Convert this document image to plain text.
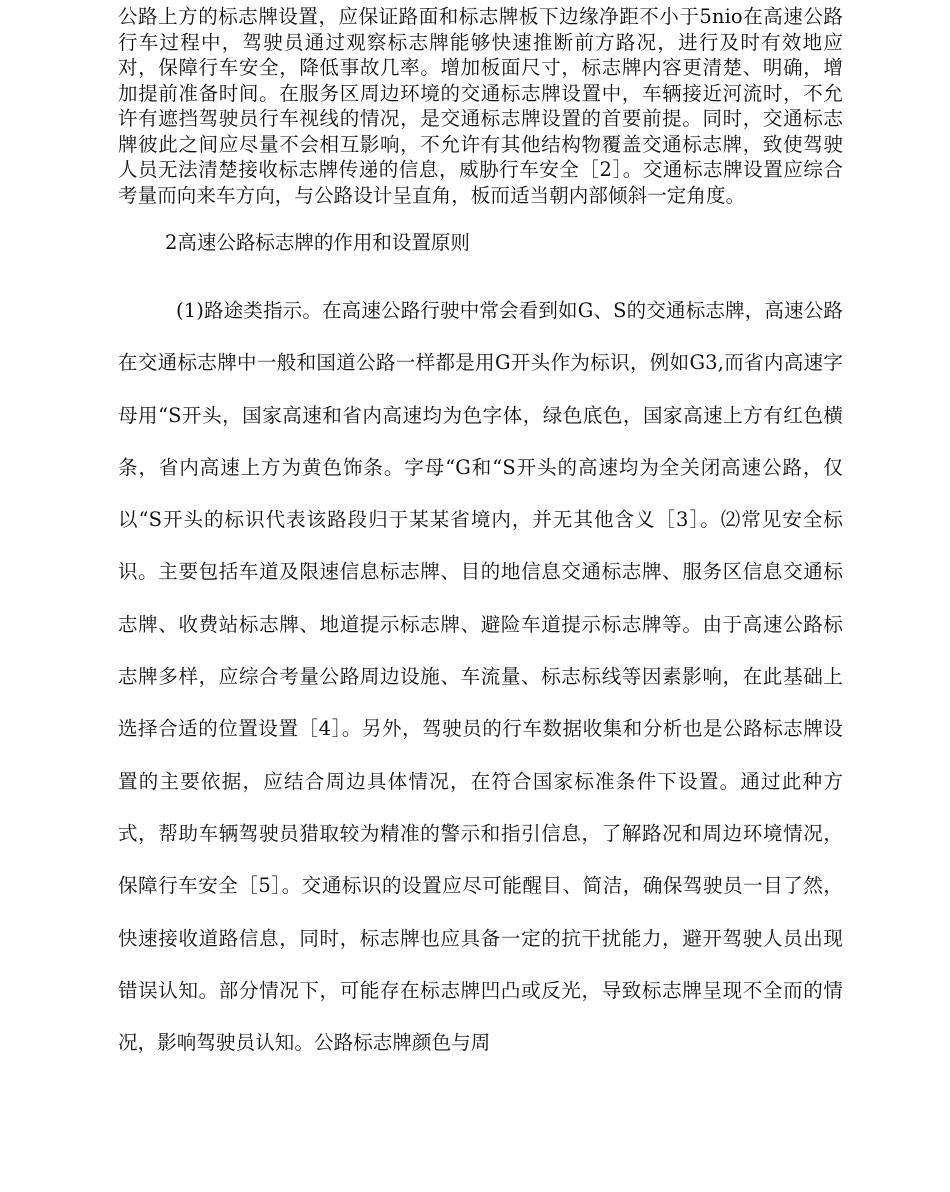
公路上方的标志牌设置，应保证路面和标志牌板下边缘净距不小于5nio在高速公路行车过程中，驾驶员通过观察标志牌能够快速推断前方路况，进行及时有效地应对，保障行车安全，降低事故几率。增加板面尺寸，标志牌内容更清楚、明确，增加提前准备时间。在服务区周边环境的交通标志牌设置中，车辆接近河流时，不允许有遮挡驾驶员行车视线的情况，是交通标志牌设置的首要前提。同时，交通标志牌彼此之间应尽量不会相互影响，不允许有其他结构物覆盖交通标志牌，致使驾驶人员无法清楚接收标志牌传递的信息，威胁行车安全［2］。交通标志牌设置应综合考量而向来车方向，与公路设计呈直角，板而适当朝内部倾斜一定角度。

2高速公路标志牌的作用和设置原则

(1)路途类指示。在高速公路行驶中常会看到如G、S的交通标志牌，高速公路在交通标志牌中一般和国道公路一样都是用G开头作为标识，例如G3,而省内高速字母用“S开头，国家高速和省内高速均为色字体，绿色底色，国家高速上方有红色横条，省内高速上方为黄色饰条。字母“G和“S开头的高速均为全关闭高速公路，仅以“S开头的标识代表该路段归于某某省境内，并无其他含义［3］。⑵常见安全标识。主要包括车道及限速信息标志牌、目的地信息交通标志牌、服务区信息交通标志牌、收费站标志牌、地道提示标志牌、避险车道提示标志牌等。由于高速公路标志牌多样，应综合考量公路周边设施、车流量、标志标线等因素影响，在此基础上选择合适的位置设置［4］。另外，驾驶员的行车数据收集和分析也是公路标志牌设置的主要依据，应结合周边具体情况，在符合国家标准条件下设置。通过此种方式，帮助车辆驾驶员猎取较为精准的警示和指引信息，了解路况和周边环境情况，保障行车安全［5］。交通标识的设置应尽可能醒目、简洁，确保驾驶员一目了然，快速接收道路信息，同时，标志牌也应具备一定的抗干扰能力，避开驾驶人员出现错误认知。部分情况下，可能存在标志牌凹凸或反光，导致标志牌呈现不全而的情况，影响驾驶员认知。公路标志牌颜色与周
